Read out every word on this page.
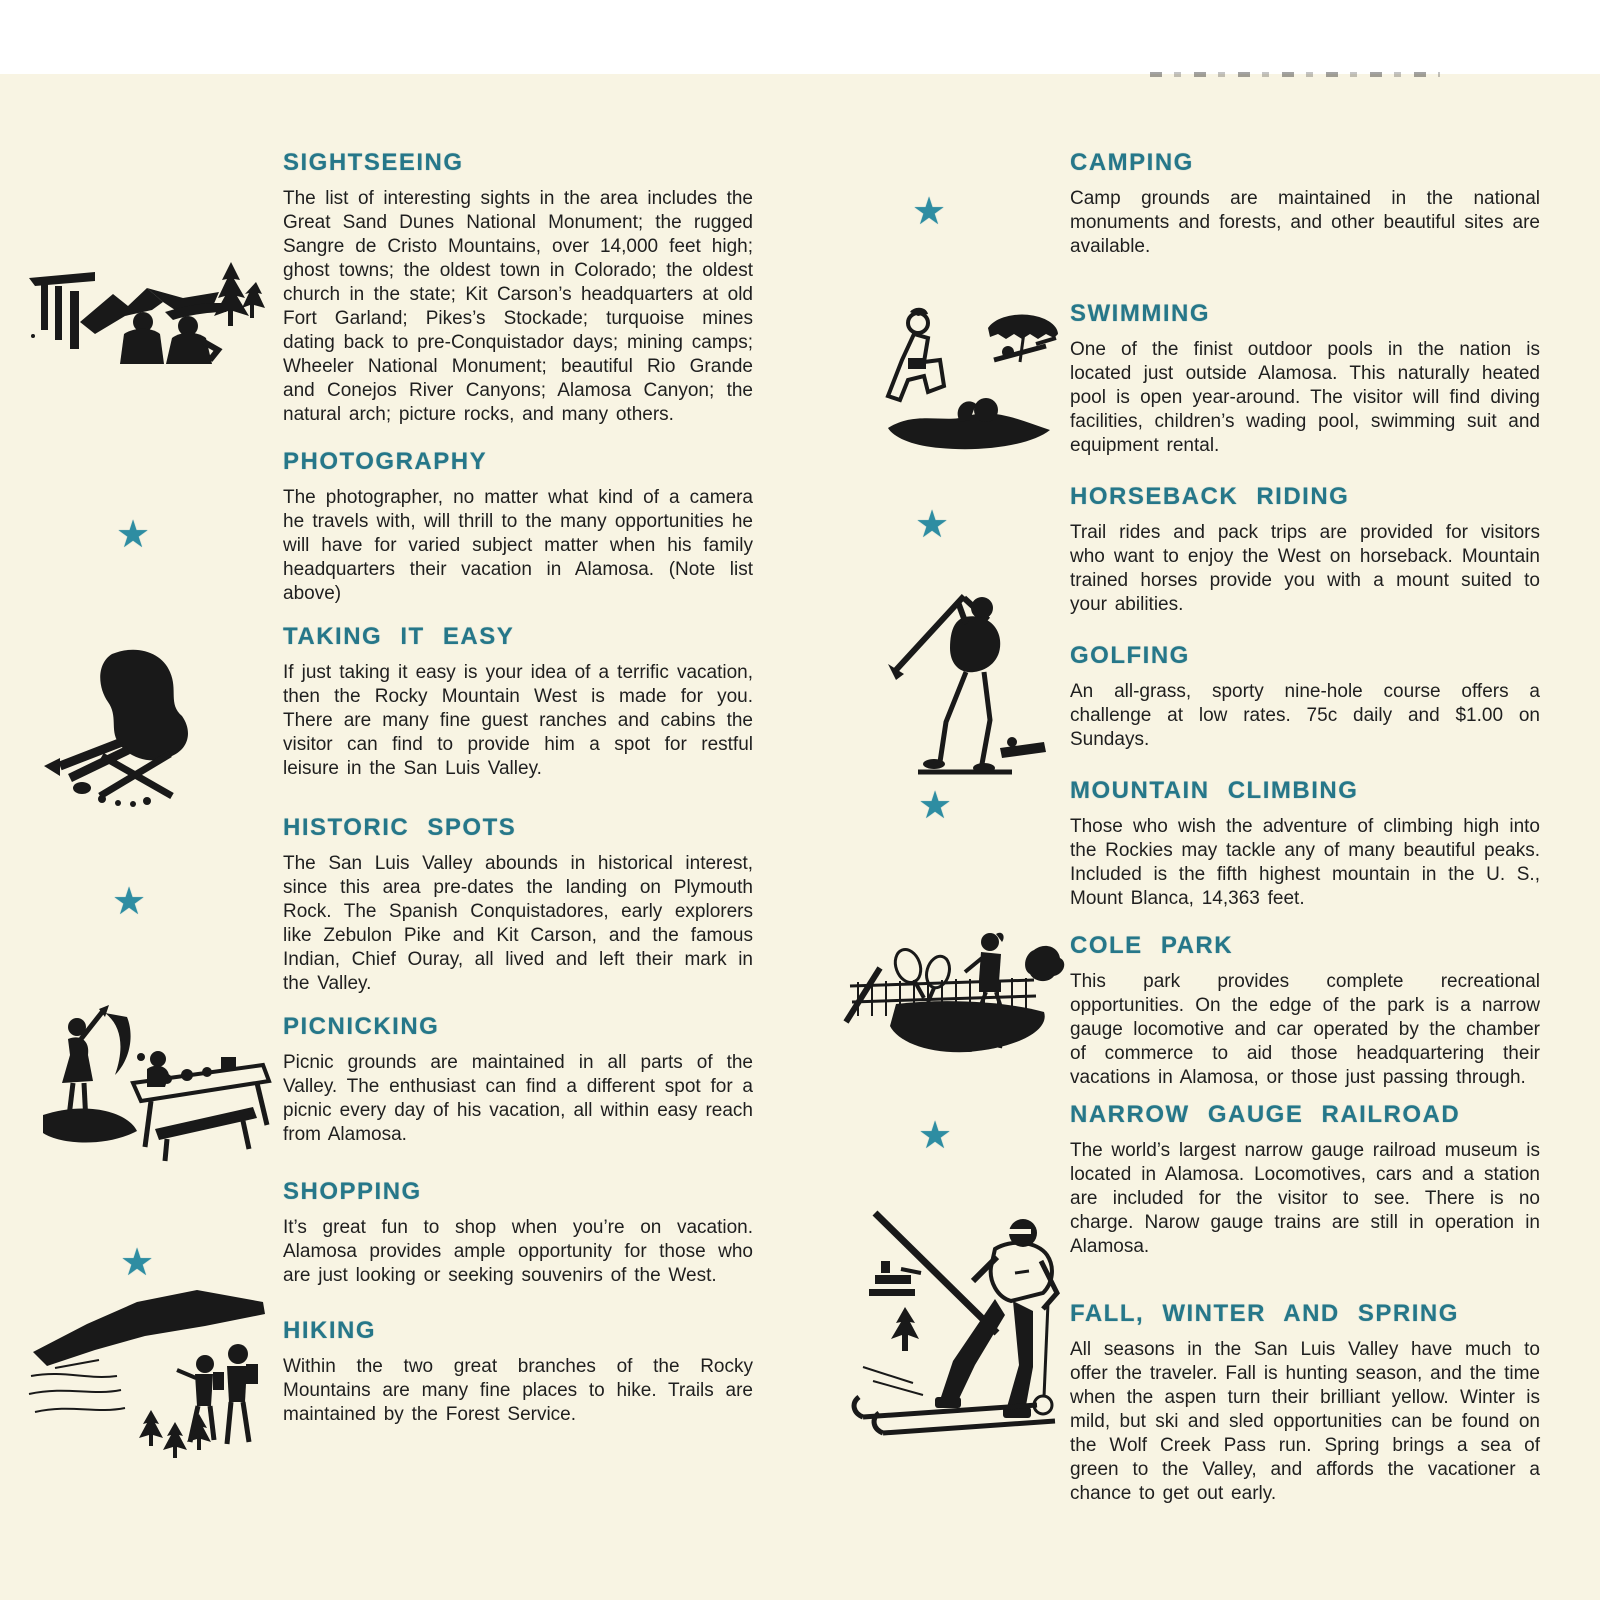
SIGHTSEEING

The list of interesting sights in the area includes the Great Sand Dunes National Monument; the rugged Sangre de Cristo Mountains, over 14,000 feet high; ghost towns; the oldest town in Colorado; the oldest church in the state; Kit Carson’s headquarters at old Fort Garland; Pikes’s Stockade; turquoise mines dating back to pre-Conquistador days; mining camps; Wheeler National Monument; beautiful Rio Grande and Conejos River Canyons; Alamosa Canyon; the natural arch; picture rocks, and many others.

PHOTOGRAPHY

The photographer, no matter what kind of a camera he travels with, will thrill to the many opportunities he will have for varied subject matter when his family headquarters their vacation in Alamosa. (Note list above)

TAKING IT EASY

If just taking it easy is your idea of a terrific vacation, then the Rocky Mountain West is made for you. There are many fine guest ranches and cabins the visitor can find to provide him a spot for restful leisure in the San Luis Valley.

HISTORIC SPOTS

The San Luis Valley abounds in historical interest, since this area pre-dates the landing on Plymouth Rock. The Spanish Conquistadores, early explorers like Zebulon Pike and Kit Carson, and the famous Indian, Chief Ouray, all lived and left their mark in the Valley.

PICNICKING

Picnic grounds are maintained in all parts of the Valley. The enthusiast can find a different spot for a picnic every day of his vacation, all within easy reach from Alamosa.

SHOPPING

It’s great fun to shop when you’re on vacation. Alamosa provides ample opportunity for those who are just looking or seeking souvenirs of the West.

HIKING

Within the two great branches of the Rocky Mountains are many fine places to hike. Trails are maintained by the Forest Service.

CAMPING

Camp grounds are maintained in the national monuments and forests, and other beautiful sites are available.

SWIMMING

One of the finist outdoor pools in the nation is located just outside Alamosa. This naturally heated pool is open year-around. The visitor will find diving facilities, children’s wading pool, swimming suit and equipment rental.

HORSEBACK RIDING

Trail rides and pack trips are provided for visitors who want to enjoy the West on horseback. Mountain trained horses provide you with a mount suited to your abilities.

GOLFING

An all-grass, sporty nine-hole course offers a challenge at low rates. 75c daily and $1.00 on Sundays.

MOUNTAIN CLIMBING

Those who wish the adventure of climbing high into the Rockies may tackle any of many beautiful peaks. Included is the fifth highest mountain in the U. S., Mount Blanca, 14,363 feet.

COLE PARK

This park provides complete recreational opportunities. On the edge of the park is a narrow gauge locomotive and car operated by the chamber of commerce to aid those headquartering their vacations in Alamosa, or those just passing through.

NARROW GAUGE RAILROAD

The world’s largest narrow gauge railroad museum is located in Alamosa. Locomotives, cars and a station are included for the visitor to see. There is no charge. Narow gauge trains are still in operation in Alamosa.

FALL, WINTER AND SPRING

All seasons in the San Luis Valley have much to offer the traveler. Fall is hunting season, and the time when the aspen turn their brilliant yellow. Winter is mild, but ski and sled opportunities can be found on the Wolf Creek Pass run. Spring brings a sea of green to the Valley, and affords the vacationer a chance to get out early.

★
★
★
★
★
★
★
